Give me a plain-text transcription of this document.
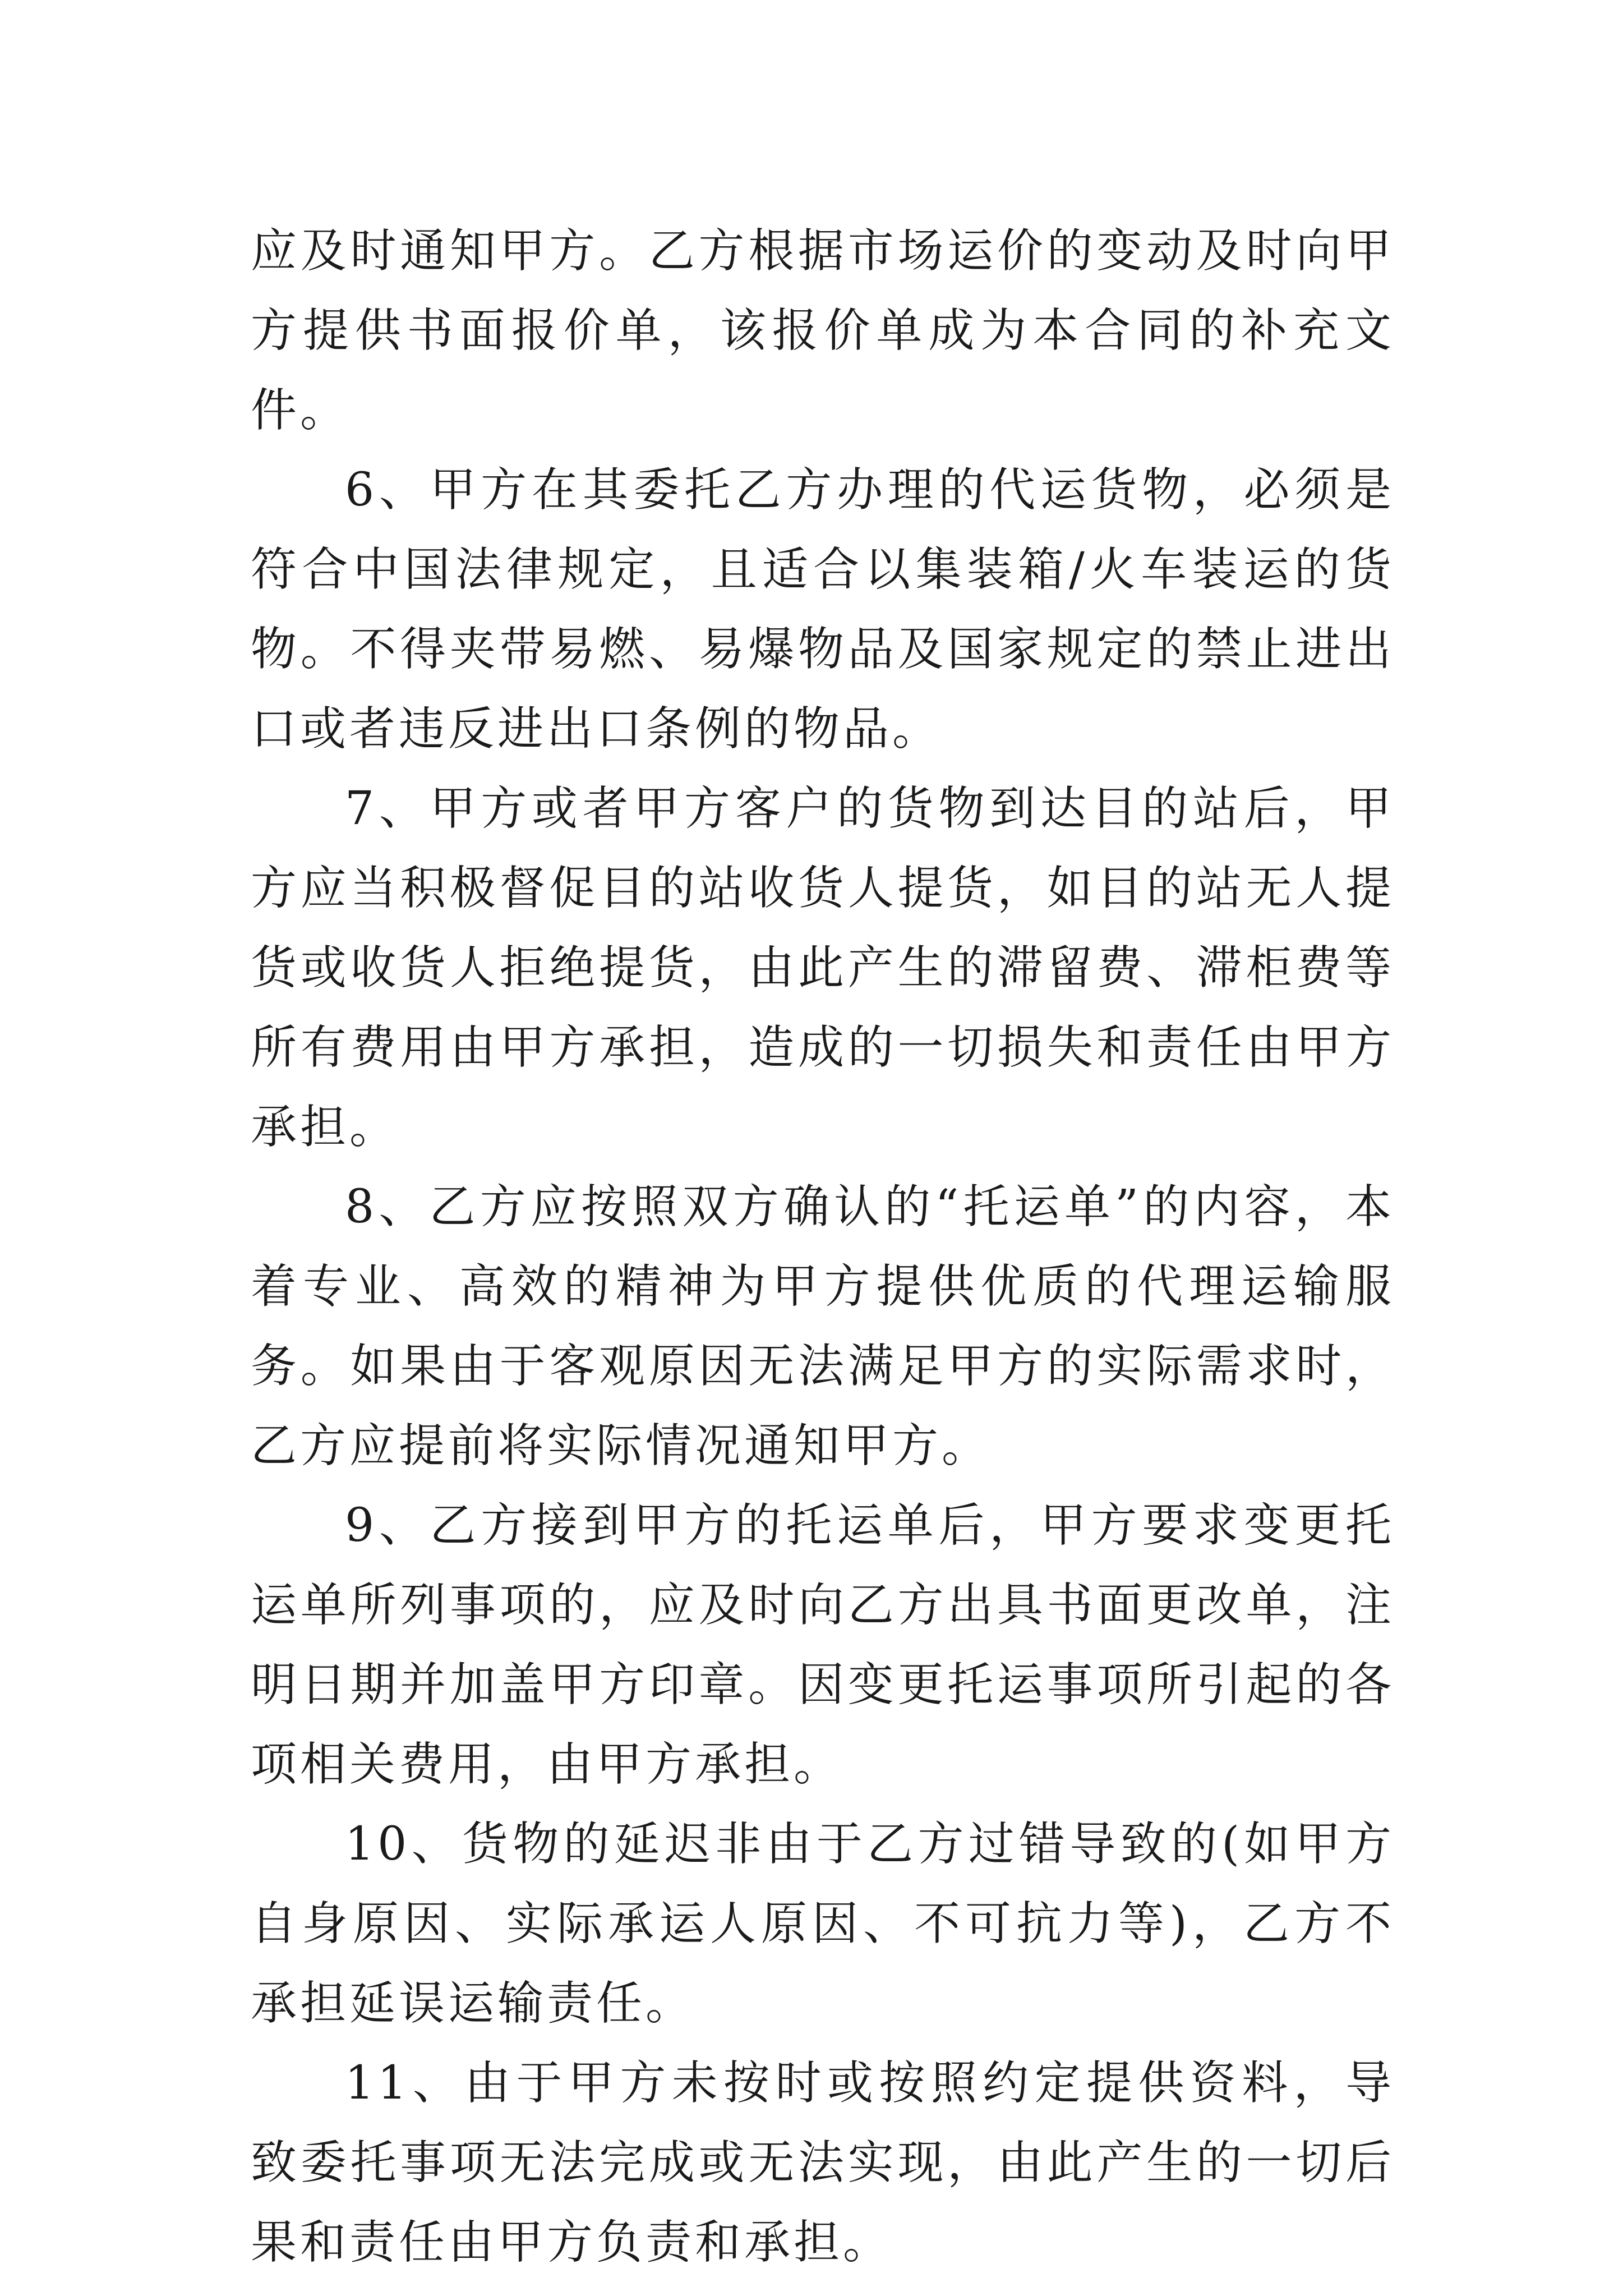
应及时通知甲方。乙方根据市场运价的变动及时向甲方提供书面报价单，该报价单成为本合同的补充文件。

6、甲方在其委托乙方办理的代运货物，必须是符合中国法律规定，且适合以集装箱/火车装运的货物。不得夹带易燃、易爆物品及国家规定的禁止进出口或者违反进出口条例的物品。

7、甲方或者甲方客户的货物到达目的站后，甲方应当积极督促目的站收货人提货，如目的站无人提货或收货人拒绝提货，由此产生的滞留费、滞柜费等所有费用由甲方承担，造成的一切损失和责任由甲方承担。

8、乙方应按照双方确认的“托运单”的内容，本着专业、高效的精神为甲方提供优质的代理运输服务。如果由于客观原因无法满足甲方的实际需求时，乙方应提前将实际情况通知甲方。

9、乙方接到甲方的托运单后，甲方要求变更托运单所列事项的，应及时向乙方出具书面更改单，注明日期并加盖甲方印章。因变更托运事项所引起的各项相关费用，由甲方承担。

10、货物的延迟非由于乙方过错导致的(如甲方自身原因、实际承运人原因、不可抗力等)，乙方不承担延误运输责任。

11、由于甲方未按时或按照约定提供资料，导致委托事项无法完成或无法实现，由此产生的一切后果和责任由甲方负责和承担。
